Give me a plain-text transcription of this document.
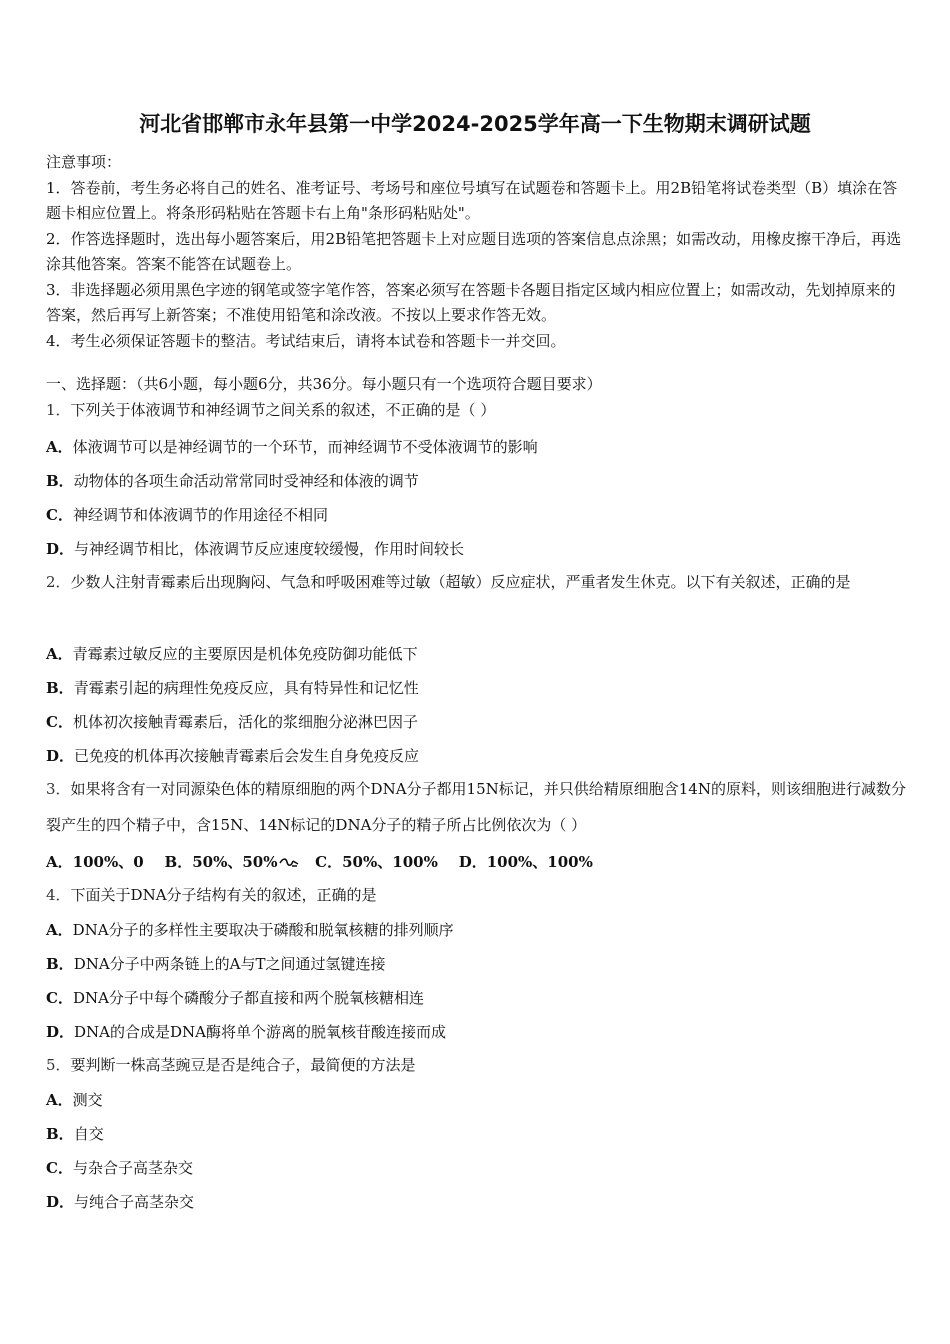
河北省邯郸市永年县第一中学2024-2025学年高一下生物期末调研试题

注意事项：

1．答卷前，考生务必将自己的姓名、准考证号、考场号和座位号填写在试题卷和答题卡上。用2B铅笔将试卷类型（B）填涂在答题卡相应位置上。将条形码粘贴在答题卡右上角"条形码粘贴处"。

2．作答选择题时，选出每小题答案后，用2B铅笔把答题卡上对应题目选项的答案信息点涂黑；如需改动，用橡皮擦干净后，再选涂其他答案。答案不能答在试题卷上。

3．非选择题必须用黑色字迹的钢笔或签字笔作答，答案必须写在答题卡各题目指定区域内相应位置上；如需改动，先划掉原来的答案，然后再写上新答案；不准使用铅笔和涂改液。不按以上要求作答无效。

4．考生必须保证答题卡的整洁。考试结束后，请将本试卷和答题卡一并交回。

一、选择题：（共6小题，每小题6分，共36分。每小题只有一个选项符合题目要求）
1．下列关于体液调节和神经调节之间关系的叙述，不正确的是（ ）
A．体液调节可以是神经调节的一个环节，而神经调节不受体液调节的影响
B．动物体的各项生命活动常常同时受神经和体液的调节
C．神经调节和体液调节的作用途径不相同
D．与神经调节相比，体液调节反应速度较缓慢，作用时间较长
2．少数人注射青霉素后出现胸闷、气急和呼吸困难等过敏（超敏）反应症状，严重者发生休克。以下有关叙述，正确的是
A．青霉素过敏反应的主要原因是机体免疫防御功能低下
B．青霉素引起的病理性免疫反应，具有特异性和记忆性
C．机体初次接触青霉素后，活化的浆细胞分泌淋巴因子
D．已免疫的机体再次接触青霉素后会发生自身免疫反应
3．如果将含有一对同源染色体的精原细胞的两个DNA分子都用15N标记，并只供给精原细胞含14N的原料，则该细胞进行减数分裂产生的四个精子中，含15N、14N标记的DNA分子的精子所占比例依次为（ ）
A．100%、0 B．50%、50%	C．50%、100% D．100%、100%
4．下面关于DNA分子结构有关的叙述，正确的是
A．DNA分子的多样性主要取决于磷酸和脱氧核糖的排列顺序
B．DNA分子中两条链上的A与T之间通过氢键连接
C．DNA分子中每个磷酸分子都直接和两个脱氧核糖相连
D．DNA的合成是DNA酶将单个游离的脱氧核苷酸连接而成
5．要判断一株高茎豌豆是否是纯合子，最简便的方法是
A．测交
B．自交
C．与杂合子高茎杂交
D．与纯合子高茎杂交
